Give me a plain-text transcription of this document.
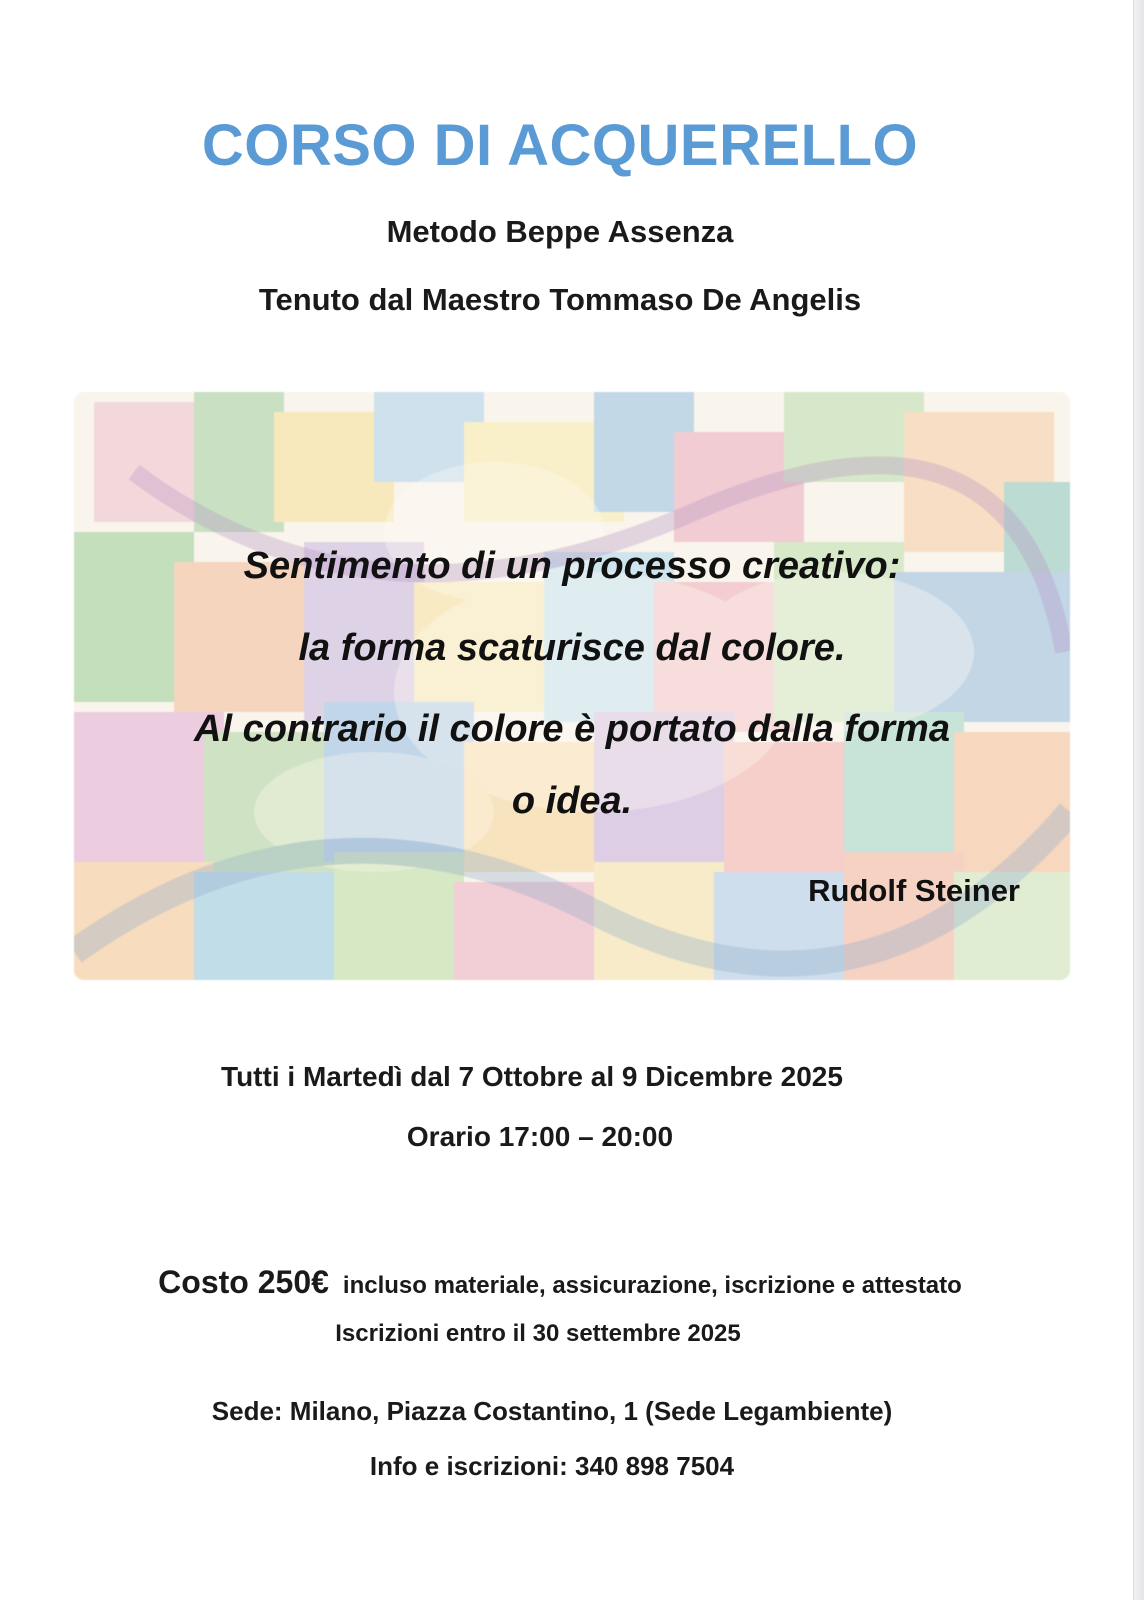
CORSO DI ACQUERELLO
Metodo Beppe Assenza
Tenuto dal Maestro Tommaso De Angelis
Sentimento di un processo creativo:
la forma scaturisce dal colore.
Al contrario il colore è portato dalla forma
o idea.
Rudolf Steiner
Tutti i Martedì dal 7 Ottobre al 9 Dicembre 2025
Orario 17:00 – 20:00
Costo 250€ incluso materiale, assicurazione, iscrizione e attestato
Iscrizioni entro il 30 settembre 2025
Sede: Milano, Piazza Costantino, 1 (Sede Legambiente)
Info e iscrizioni: 340 898 7504
